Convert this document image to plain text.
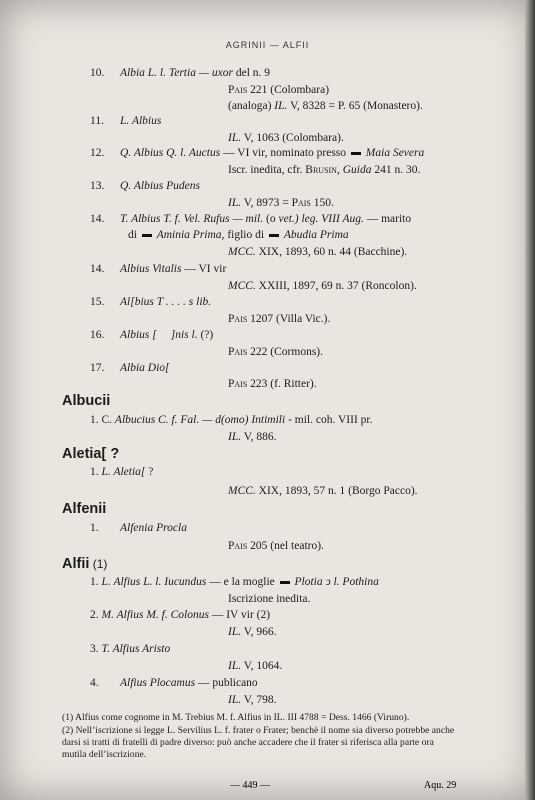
AGRINII — ALFII
10. Albia L. l. Tertia — uxor del n. 9
Pais 221 (Colombara)
(analoga) IL. V, 8328 = P. 65 (Monastero).
11. L. Albius
IL. V, 1063 (Colombara).
12. Q. Albius Q. l. Auctus — VI vir, nominato presso  Maia Severa
Iscr. inedita, cfr. Brusin, Guida 241 n. 30.
13. Q. Albius Pudens
IL. V, 8973 = Pais 150.
14. T. Albius T. f. Vel. Rufus — mil. (o vet.) leg. VIII Aug. — marito
di  Aminia Prima, figlio di  Abudia Prima
MCC. XIX, 1893, 60 n. 44 (Bacchine).
14. Albius Vitalis — VI vir
MCC. XXIII, 1897, 69 n. 37 (Roncolon).
15. Al[bius T . . . . s lib.
Pais 1207 (Villa Vic.).
16. Albius [ ]nis l. (?)
Pais 222 (Cormons).
17. Albia Dio[
Pais 223 (f. Ritter).
Albucii
1. C. Albucius C. f. Fal. — d(omo) Intimili - mil. coh. VIII pr.
IL. V, 886.
Aletia[ ?
1. L. Aletia[ ?
MCC. XIX, 1893, 57 n. 1 (Borgo Pacco).
Alfenii
1. Alfenia Procla
Pais 205 (nel teatro).
Alfii (1)
1. L. Alfius L. l. Iucundus — e la moglie  Plotia ↄ l. Pothina
Iscrizione inedita.
2. M. Alfius M. f. Colonus — IV vir (2)
IL. V, 966.
3. T. Alfius Aristo
IL. V, 1064.
4. Alfius Plocamus — publicano
IL. V, 798.

(1) Alfius come cognome in M. Trebius M. f. Alfius in IL. III 4788 = Dess. 1466 (Viruno).

(2) Nell’iscrizione si legge L. Servilius L. f. frater o Frater; benchè il nome sia diverso potrebbe anche darsi si tratti di fratelli di padre diverso: può anche accadere che il frater si riferisca alla parte ora mutila dell’iscrizione.

— 449 —	Aqu. 29
